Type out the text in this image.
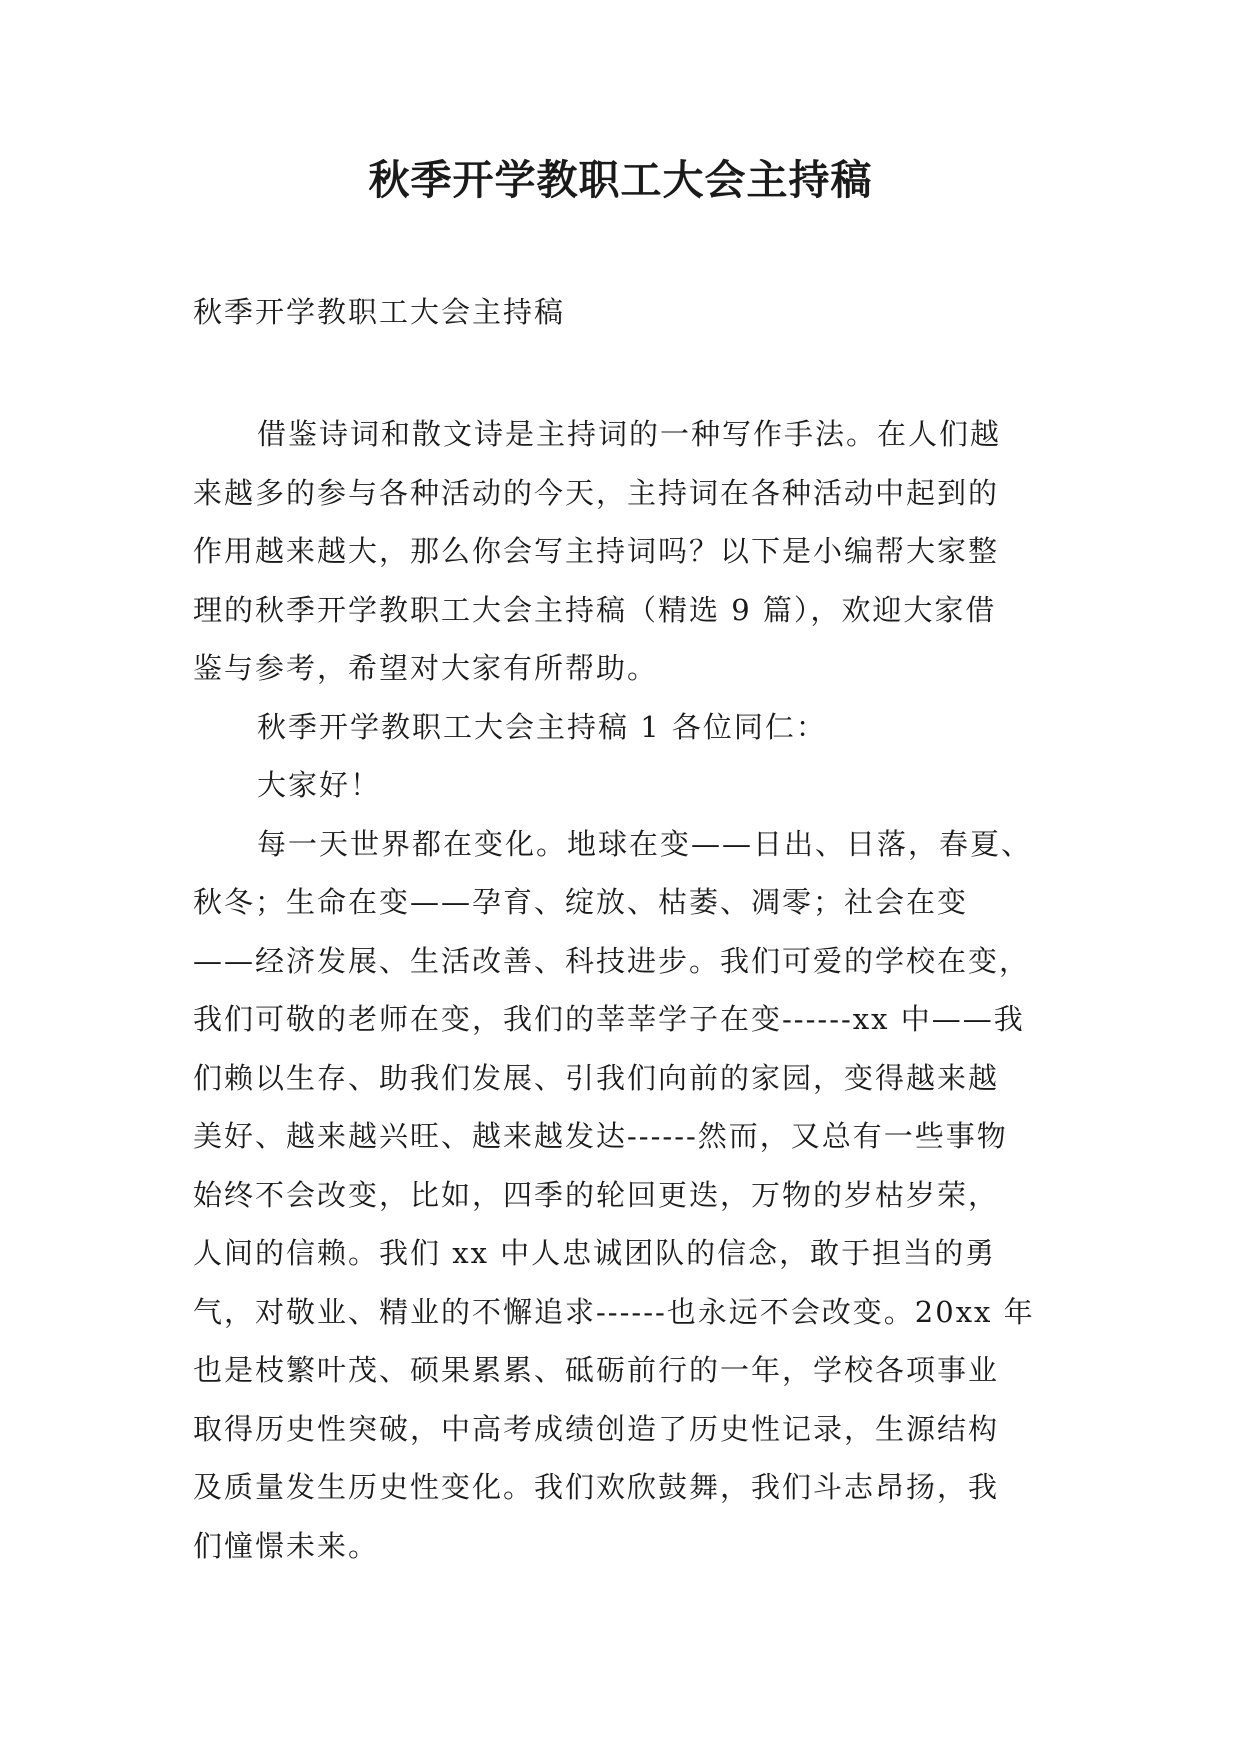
秋季开学教职工大会主持稿

秋季开学教职工大会主持稿

借鉴诗词和散文诗是主持词的一种写作手法。在人们越
来越多的参与各种活动的今天，主持词在各种活动中起到的
作用越来越大，那么你会写主持词吗？以下是小编帮大家整
理的秋季开学教职工大会主持稿（精选 9 篇），欢迎大家借
鉴与参考，希望对大家有所帮助。
秋季开学教职工大会主持稿 1 各位同仁：
大家好！
每一天世界都在变化。地球在变——日出、日落，春夏、
秋冬；生命在变——孕育、绽放、枯萎、凋零；社会在变
——经济发展、生活改善、科技进步。我们可爱的学校在变，
我们可敬的老师在变，我们的莘莘学子在变------xx 中——我
们赖以生存、助我们发展、引我们向前的家园，变得越来越
美好、越来越兴旺、越来越发达------然而，又总有一些事物
始终不会改变，比如，四季的轮回更迭，万物的岁枯岁荣，
人间的信赖。我们 xx 中人忠诚团队的信念，敢于担当的勇
气，对敬业、精业的不懈追求------也永远不会改变。20xx 年
也是枝繁叶茂、硕果累累、砥砺前行的一年，学校各项事业
取得历史性突破，中高考成绩创造了历史性记录，生源结构
及质量发生历史性变化。我们欢欣鼓舞，我们斗志昂扬，我
们憧憬未来。
